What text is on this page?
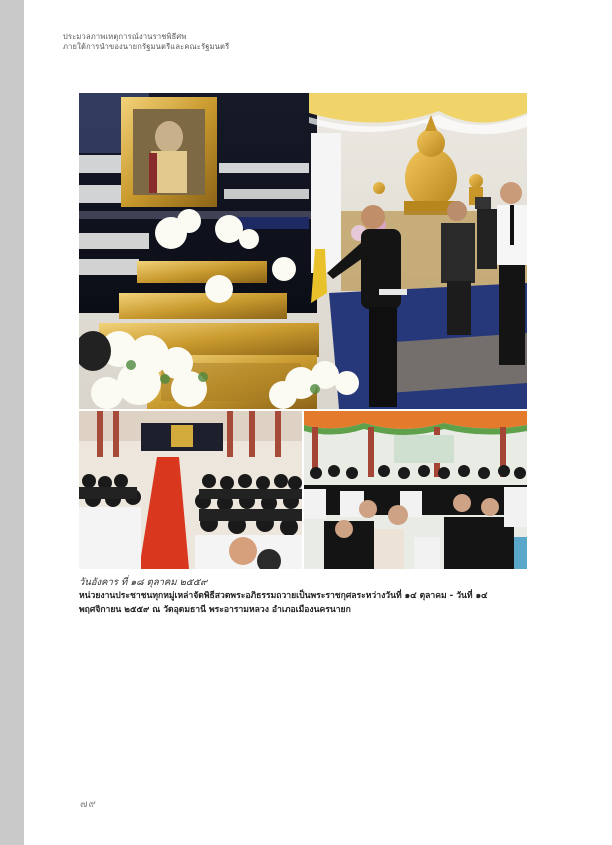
ประมวลภาพเหตุการณ์งานราชพิธีศพ
ภายใต้การนำของนายกรัฐมนตรีและคณะรัฐมนตรี
วันอังคาร ที่ ๑๘ ตุลาคม ๒๕๕๙
หน่วยงานประชาชนทุกหมู่เหล่าจัดพิธีสวดพระอภิธรรมถวายเป็นพระราชกุศลระหว่างวันที่ ๑๔ ตุลาคม - วันที่ ๑๔ พฤศจิกายน ๒๕๕๙ ณ วัดอุดมธานี พระอารามหลวง อำเภอเมืองนครนายก
๗๙
